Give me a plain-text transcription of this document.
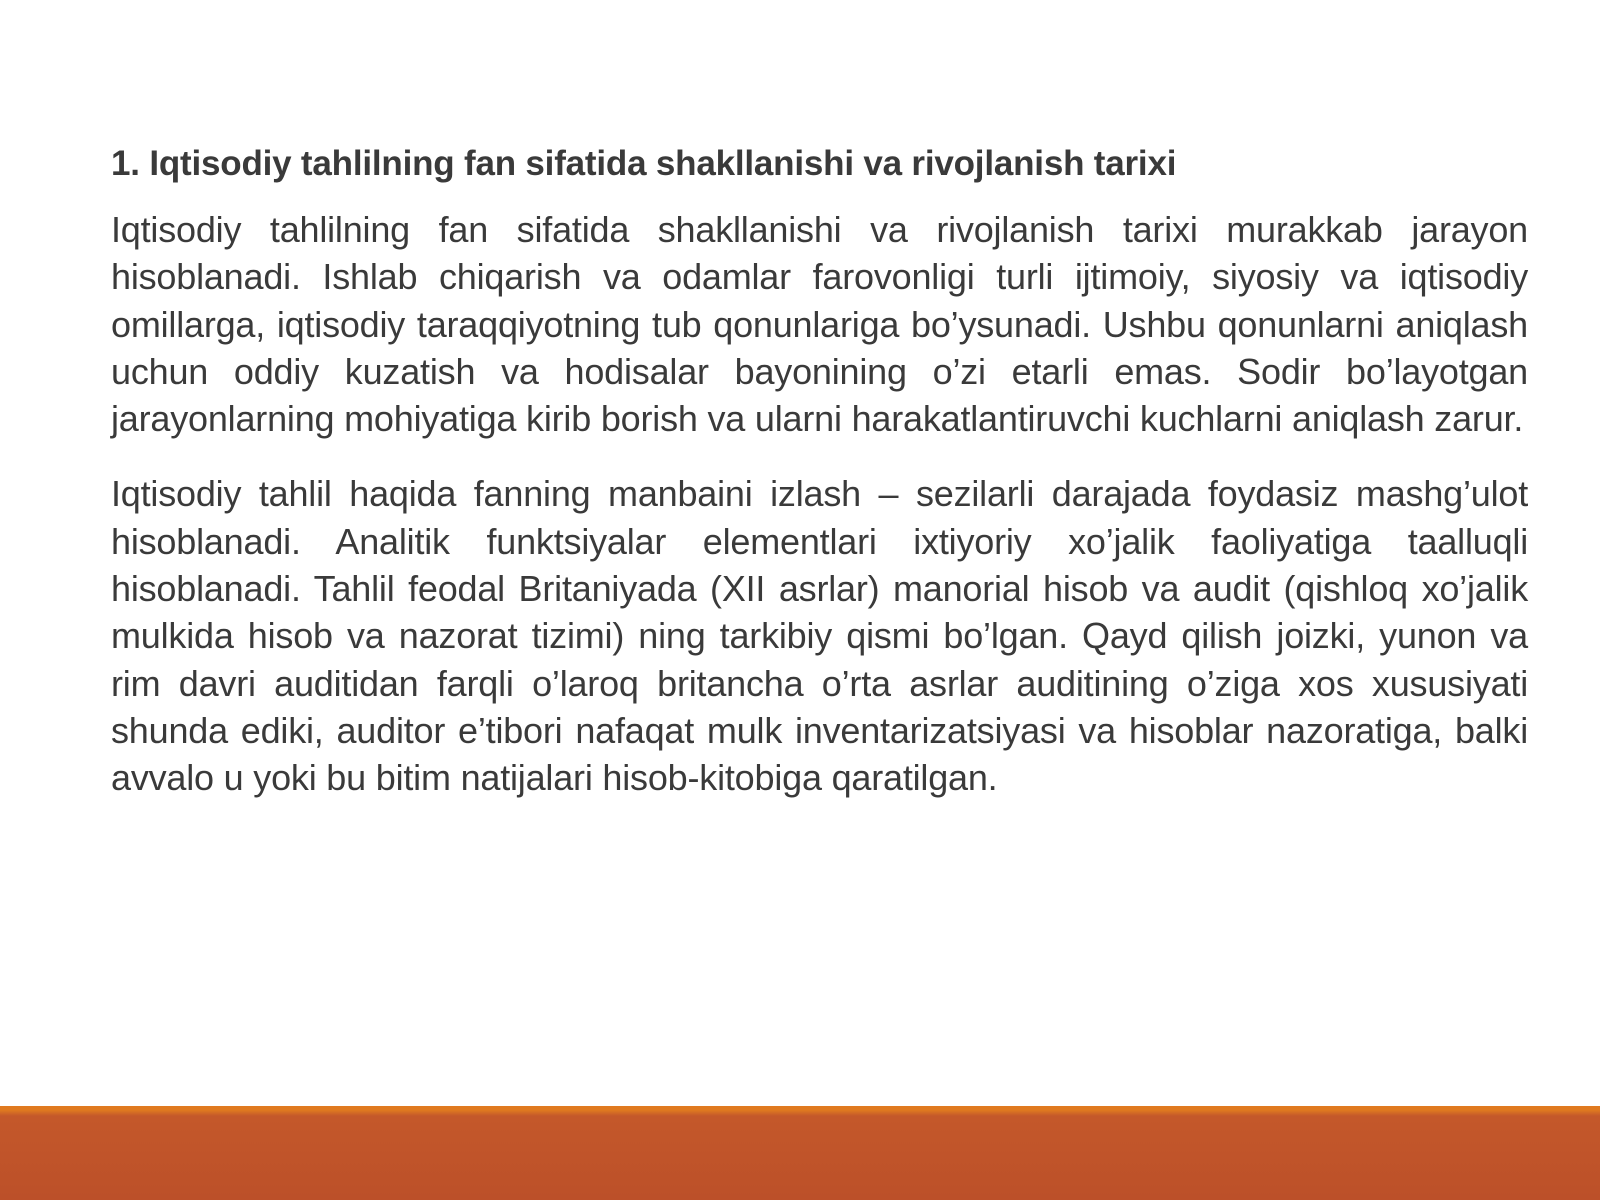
1. Iqtisodiy tahlilning fan sifatida shakllanishi va rivojlanish tarixi

Iqtisodiy tahlilning fan sifatida shakllanishi va rivojlanish tarixi murakkab jarayon hisoblanadi. Ishlab chiqarish va odamlar farovonligi turli ijtimoiy, siyosiy va iqtisodiy omillarga, iqtisodiy taraqqiyotning tub qonunlariga bo’ysunadi. Ushbu qonunlarni aniqlash uchun oddiy kuzatish va hodisalar bayonining o’zi etarli emas. Sodir bo’layotgan jarayonlarning mohiyatiga kirib borish va ularni harakatlantiruvchi kuchlarni aniqlash zarur.

Iqtisodiy tahlil haqida fanning manbaini izlash – sezilarli darajada foydasiz mashg’ulot hisoblanadi. Analitik funktsiyalar elementlari ixtiyoriy xo’jalik faoliyatiga taalluqli hisoblanadi. Tahlil feodal Britaniyada (XII asrlar) manorial hisob va audit (qishloq xo’jalik mulkida hisob va nazorat tizimi) ning tarkibiy qismi bo’lgan. Qayd qilish joizki, yunon va rim davri auditidan farqli o’laroq britancha o’rta asrlar auditining o’ziga xos xususiyati shunda ediki, auditor e’tibori nafaqat mulk inventarizatsiyasi va hisoblar nazoratiga, balki avvalo u yoki bu bitim natijalari hisob-kitobiga qaratilgan.
